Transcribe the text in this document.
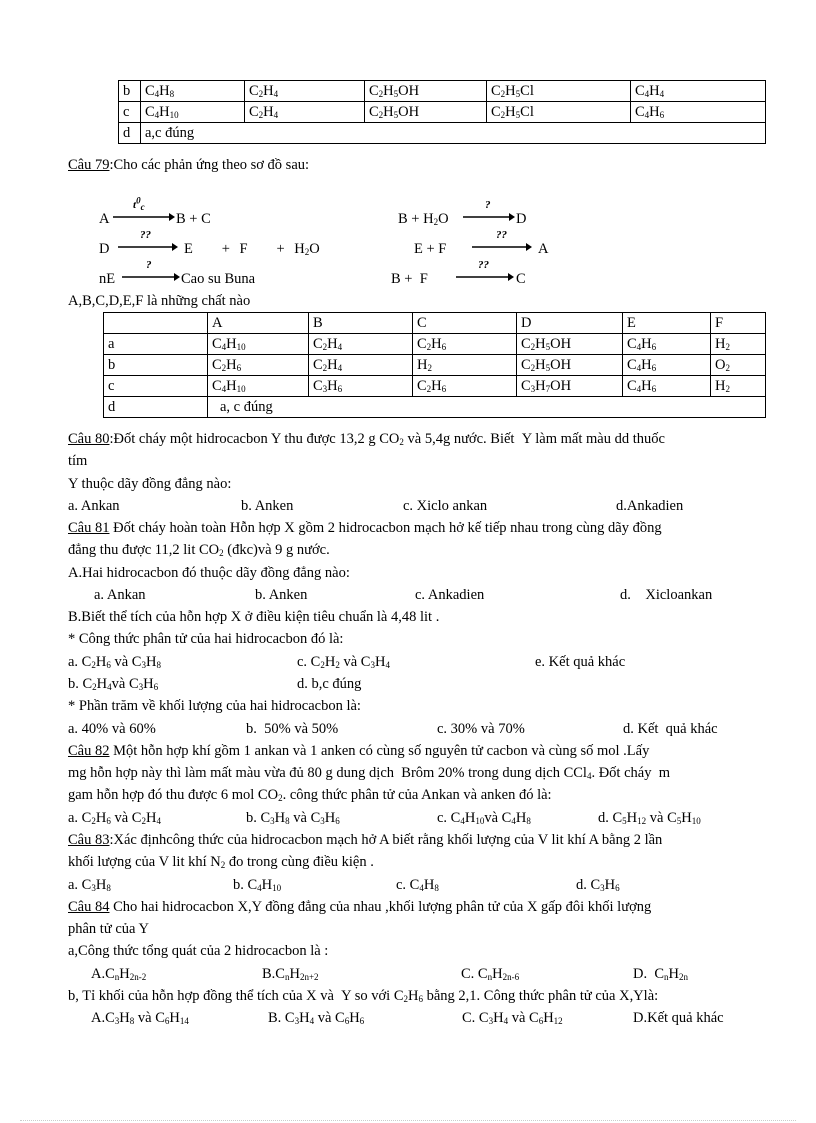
b	$C_4H_8$	$C_2H_4$	$C_2H_5OH$	$C_2H_5Cl$	$C_4H_4$
c	$C_4H_{10}$	$C_2H_4$	$C_2H_5OH$	$C_2H_5Cl$	$C_4H_6$
d	a,c đúng				
Câu 79:Cho các phản ứng theo sơ đồ sau:
A
$t^0_c$
B + C	$B + H_2O$
?
D
D
??
$E + F + H_2O$	E + F
??
A
nE
?
Cao su Buna	B +  F
??
C
A,B,C,D,E,F là những chất nào
	A	B	C	D	E	F
a	$C_4H_{10}$	$C_2H_4$	$C_2H_6$	$C_2H_5OH$	$C_4H_6$	$H_2$
b	$C_2H_6$	$C_2H_4$	$H_2$	$C_2H_5OH$	$C_4H_6$	$O_2$
c	$C_4H_{10}$	$C_3H_6$	$C_2H_6$	$C_3H_7OH$	$C_4H_6$	$H_2$
d	a, c đúng					
Câu 80:Đốt cháy một hidrocacbon Y thu được 13,2 g $CO_2$ và 5,4g nước. Biết  Y làm mất màu dd thuốc
tím
Y thuộc dãy đồng đẳng nào:
a. Ankan	b. Anken	c. Xiclo ankan	d.Ankadien
Câu 81 Đốt cháy hoàn toàn Hỗn hợp X gồm 2 hidrocacbon mạch hở kế tiếp nhau trong cùng dãy đồng
đẳng thu được 11,2 lit $CO_2$ (đkc)và 9 g nước.
A.Hai hidrocacbon đó thuộc dãy đồng đẳng nào:
a. Ankan	b. Anken	c. Ankadien	d.    Xicloankan
B.Biết thể tích của hỗn hợp X ở điều kiện tiêu chuẩn là 4,48 lit .
* Công thức phân tử của hai hidrocacbon đó là:
a. $C_2H_6$ và $C_3H_8$	c. $C_2H_2$ và $C_3H_4$	e. Kết quả khác
b. $C_2H_4và$ $C_3H_6$	d. b,c đúng
* Phần trăm về khối lượng của hai hidrocacbon là:
a. 40% và 60%	b.  50% và 50%	c. 30% và 70%	d. Kết  quả khác
Câu 82 Một hỗn hợp khí gồm 1 ankan và 1 anken có cùng số nguyên tử cacbon và cùng số mol .Lấy
mg hỗn hợp này thì làm mất màu vừa đủ 80 g dung dịch  Brôm 20% trong dung dịch CCl$_4$. Đốt cháy  m
gam hỗn hợp đó thu được 6 mol $CO_2$. công thức phân tử của Ankan và anken đó là:
a. $C_2H_6$ và $C_2H_4$	b. $C_3H_8$ và $C_3H_6$	c. $C_4H_{10}và$ $C_4H_8$	d. $C_5H_{12}$ và $C_5H_{10}$
Câu 83:Xác địnhcông thức của hidrocacbon mạch hở A biết rằng khối lượng của V lit khí A bằng 2 lần
khối lượng của V lit khí $N_2$ đo trong cùng điều kiện .
a. $C_3H_8$	b. $C_4H_{10}$	c. $C_4H_8$	d. $C_3H_6$
Câu 84 Cho hai hidrocacbon X,Y đồng đẳng của nhau ,khối lượng phân tử của X gấp đôi khối lượng
phân tử của Y
a,Công thức tổng quát của 2 hidrocacbon là :
$A.C_nH_{2n-2}$	$B.C_nH_{2n+2}$	C. $C_nH_{2n-6}$	D.  $C_nH_{2n}$
b, Tỉ khối của hỗn hợp đồng thể tích của X và  Y so với $C_2H_6$ bằng 2,1. Công thức phân tử của X,Ylà:
$A.C_3H_8$ và $C_6H_{14}$	B. $C_3H_4$ và $C_6H_6$	C. $C_3H_4$ và $C_6H_{12}$	D.Kết quả khác
